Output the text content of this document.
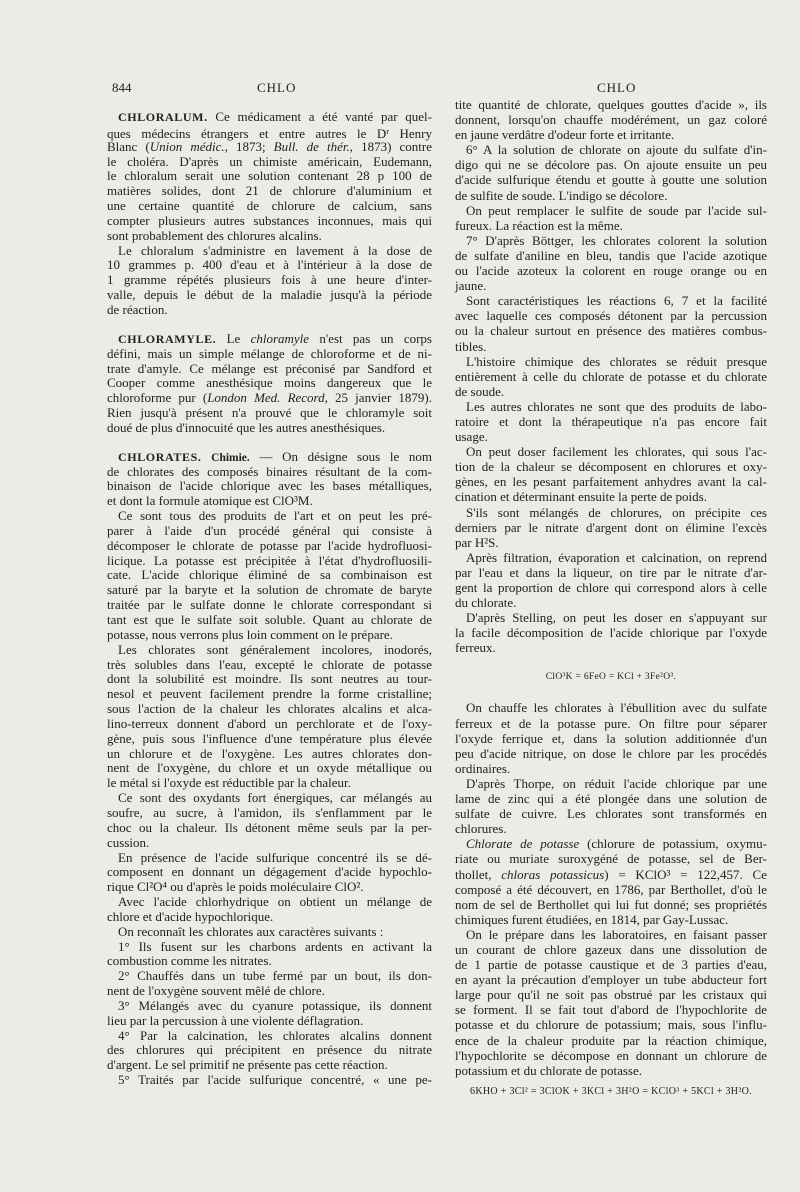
844	CHLO	CHLO
CHLORALUM. Ce médicament a été vanté par quel-
ques médecins étrangers et entre autres le $D^r$ Henry
Blanc (Union médic., 1873; Bull. de thér., 1873) contre
le choléra. D'après un chimiste américain, Eudemann,
le chloralum serait une solution contenant 28 p 100 de
matières solides, dont 21 de chlorure d'aluminium et
une certaine quantité de chlorure de calcium, sans
compter plusieurs autres substances inconnues, mais qui
sont probablement des chlorures alcalins.
Le chloralum s'administre en lavement à la dose de
10 grammes p. 400 d'eau et à l'intérieur à la dose de
1 gramme répétés plusieurs fois à une heure d'inter-
valle, depuis le début de la maladie jusqu'à la période
de réaction.
CHLORAMYLE. Le chloramyle n'est pas un corps
défini, mais un simple mélange de chloroforme et de ni-
trate d'amyle. Ce mélange est préconisé par Sandford et
Cooper comme anesthésique moins dangereux que le
chloroforme pur (London Med. Record, 25 janvier 1879).
Rien jusqu'à présent n'a prouvé que le chloramyle soit
doué de plus d'innocuité que les autres anesthésiques.
CHLORATES. Chimie. — On désigne sous le nom
de chlorates des composés binaires résultant de la com-
binaison de l'acide chlorique avec les bases métalliques,
et dont la formule atomique est ClO³M.
Ce sont tous des produits de l'art et on peut les pré-
parer à l'aide d'un procédé général qui consiste à
décomposer le chlorate de potasse par l'acide hydrofluosi-
licique. La potasse est précipitée à l'état d'hydrofluosili-
cate. L'acide chlorique éliminé de sa combinaison est
saturé par la baryte et la solution de chromate de baryte
traitée par le sulfate donne le chlorate correspondant si
tant est que le sulfate soit soluble. Quant au chlorate de
potasse, nous verrons plus loin comment on le prépare.
Les chlorates sont généralement incolores, inodorés,
très solubles dans l'eau, excepté le chlorate de potasse
dont la solubilité est moindre. Ils sont neutres au tour-
nesol et peuvent facilement prendre la forme cristalline;
sous l'action de la chaleur les chlorates alcalins et alca-
lino-terreux donnent d'abord un perchlorate et de l'oxy-
gène, puis sous l'influence d'une température plus élevée
un chlorure et de l'oxygène. Les autres chlorates don-
nent de l'oxygène, du chlore et un oxyde métallique ou
le métal si l'oxyde est réductible par la chaleur.
Ce sont des oxydants fort énergiques, car mélangés au
soufre, au sucre, à l'amidon, ils s'enflamment par le
choc ou la chaleur. Ils détonent même seuls par la per-
cussion.
En présence de l'acide sulfurique concentré ils se dé-
composent en donnant un dégagement d'acide hypochlo-
rique Cl²O⁴ ou d'après le poids moléculaire ClO².
Avec l'acide chlorhydrique on obtient un mélange de
chlore et d'acide hypochlorique.
On reconnaît les chlorates aux caractères suivants :
1° Ils fusent sur les charbons ardents en activant la
combustion comme les nitrates.
2° Chauffés dans un tube fermé par un bout, ils don-
nent de l'oxygène souvent mêlé de chlore.
3° Mélangés avec du cyanure potassique, ils donnent
lieu par la percussion à une violente déflagration.
4° Par la calcination, les chlorates alcalins donnent
des chlorures qui précipitent en présence du nitrate
d'argent. Le sel primitif ne présente pas cette réaction.
5° Traités par l'acide sulfurique concentré, « une pe-
tite quantité de chlorate, quelques gouttes d'acide », ils
donnent, lorsqu'on chauffe modérément, un gaz coloré
en jaune verdâtre d'odeur forte et irritante.
6° A la solution de chlorate on ajoute du sulfate d'in-
digo qui ne se décolore pas. On ajoute ensuite un peu
d'acide sulfurique étendu et goutte à goutte une solution
de sulfite de soude. L'indigo se décolore.
On peut remplacer le sulfite de soude par l'acide sul-
fureux. La réaction est la même.
7° D'après Böttger, les chlorates colorent la solution
de sulfate d'aniline en bleu, tandis que l'acide azotique
ou l'acide azoteux la colorent en rouge orange ou en
jaune.
Sont caractéristiques les réactions 6, 7 et la facilité
avec laquelle ces composés détonent par la percussion
ou la chaleur surtout en présence des matières combus-
tibles.
L'histoire chimique des chlorates se réduit presque
entièrement à celle du chlorate de potasse et du chlorate
de soude.
Les autres chlorates ne sont que des produits de labo-
ratoire et dont la thérapeutique n'a pas encore fait
usage.
On peut doser facilement les chlorates, qui sous l'ac-
tion de la chaleur se décomposent en chlorures et oxy-
gènes, en les pesant parfaitement anhydres avant la cal-
cination et déterminant ensuite la perte de poids.
S'ils sont mélangés de chlorures, on précipite ces
derniers par le nitrate d'argent dont on élimine l'excès
par H²S.
Après filtration, évaporation et calcination, on reprend
par l'eau et dans la liqueur, on tire par le nitrate d'ar-
gent la proportion de chlore qui correspond alors à celle
du chlorate.
D'après Stelling, on peut les doser en s'appuyant sur
la facile décomposition de l'acide chlorique par l'oxyde
ferreux.
ClO³K = 6FeO = KCl + 3Fe²O³.
On chauffe les chlorates à l'ébullition avec du sulfate
ferreux et de la potasse pure. On filtre pour séparer
l'oxyde ferrique et, dans la solution additionnée d'un
peu d'acide nitrique, on dose le chlore par les procédés
ordinaires.
D'après Thorpe, on réduit l'acide chlorique par une
lame de zinc qui a été plongée dans une solution de
sulfate de cuivre. Les chlorates sont transformés en
chlorures.
Chlorate de potasse (chlorure de potassium, oxymu-
riate ou muriate suroxygéné de potasse, sel de Ber-
thollet, chloras potassicus) = KClO³ = 122,457. Ce
composé a été découvert, en 1786, par Berthollet, d'où le
nom de sel de Berthollet qui lui fut donné; ses propriétés
chimiques furent étudiées, en 1814, par Gay-Lussac.
On le prépare dans les laboratoires, en faisant passer
un courant de chlore gazeux dans une dissolution de
de 1 partie de potasse caustique et de 3 parties d'eau,
en ayant la précaution d'employer un tube abducteur fort
large pour qu'il ne soit pas obstrué par les cristaux qui
se forment. Il se fait tout d'abord de l'hypochlorite de
potasse et du chlorure de potassium; mais, sous l'influ-
ence de la chaleur produite par la réaction chimique,
l'hypochlorite se décompose en donnant un chlorure de
potassium et du chlorate de potasse.
6KHO + 3Cl² = 3ClOK + 3KCl + 3H²O = KClO³ + 5KCl + 3H²O.
